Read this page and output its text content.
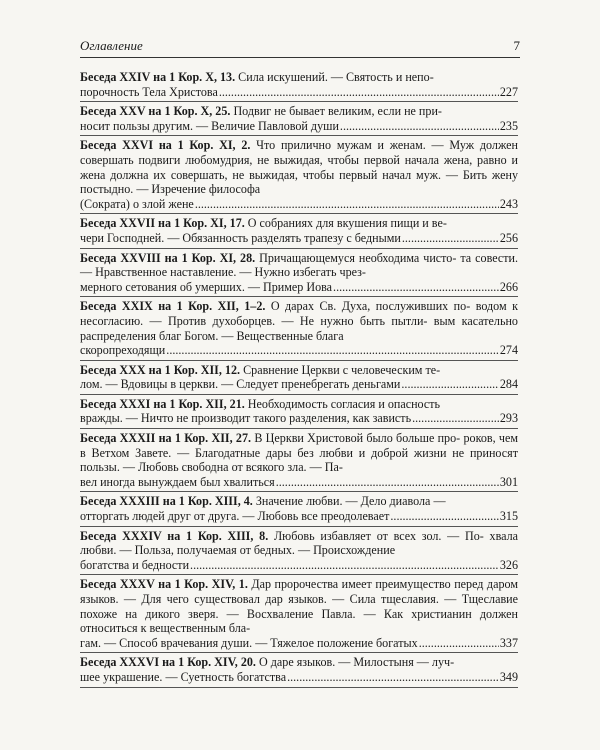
Оглавление	7
Беседа XXIV на 1 Кор. X, 13. Сила искушений. — Святость и непо-
порочность Тела Христова .....	227
Беседа XXV на 1 Кор. X, 25. Подвиг не бывает великим, если не при-
носит пользы другим. — Величие Павловой души .....	235
Беседа XXVI на 1 Кор. XI, 2. Что прилично мужам и женам. — Муж должен совершать подвиги любомудрия, не выжидая, чтобы первой начала жена, равно и жена должна их совершать, не выжидая, чтобы первый начал муж. — Бить жену постыдно. — Изречение философа
(Сократа) о злой жене .....	243
Беседа XXVII на 1 Кор. XI, 17. О собраниях для вкушения пищи и ве-
чери Господней. — Обязанность разделять трапезу с бедными .....	256
Беседа XXVIII на 1 Кор. XI, 28. Причащающемуся необходима чисто- та совести. — Нравственное наставление. — Нужно избегать чрез-
мерного сетования об умерших. — Пример Иова .....	266
Беседа XXIX на 1 Кор. XII, 1–2. О дарах Св. Духа, послуживших по- водом к несогласию. — Против духоборцев. — Не нужно быть пытли- вым касательно распределения благ Богом. — Вещественные блага
скоропреходящи .....	274
Беседа XXX на 1 Кор. XII, 12. Сравнение Церкви с человеческим те-
лом. — Вдовицы в церкви. — Следует пренебрегать деньгами .....	284
Беседа XXXI на 1 Кор. XII, 21. Необходимость согласия и опасность
вражды. — Ничто не производит такого разделения, как зависть .....	293
Беседа XXXII на 1 Кор. XII, 27. В Церкви Христовой было больше про- роков, чем в Ветхом Завете. — Благодатные дары без любви и доброй жизни не приносят пользы. — Любовь свободна от всякого зла. — Па-
вел иногда вынуждаем был хвалиться .....	301
Беседа XXXIII на 1 Кор. XIII, 4. Значение любви. — Дело диавола —
отторгать людей друг от друга. — Любовь все преодолевает .....	315
Беседа XXXIV на 1 Кор. XIII, 8. Любовь избавляет от всех зол. — По- хвала любви. — Польза, получаемая от бедных. — Происхождение
богатства и бедности .....	326
Беседа XXXV на 1 Кор. XIV, 1. Дар пророчества имеет преимущество перед даром языков. — Для чего существовал дар языков. — Сила тщеславия. — Тщеславие похоже на дикого зверя. — Восхваление Павла. — Как христианин должен относиться к вещественным бла-
гам. — Способ врачевания души. — Тяжелое положение богатых .....	337
Беседа XXXVI на 1 Кор. XIV, 20. О даре языков. — Милостыня — луч-
шее украшение. — Суетность богатства .....	349
